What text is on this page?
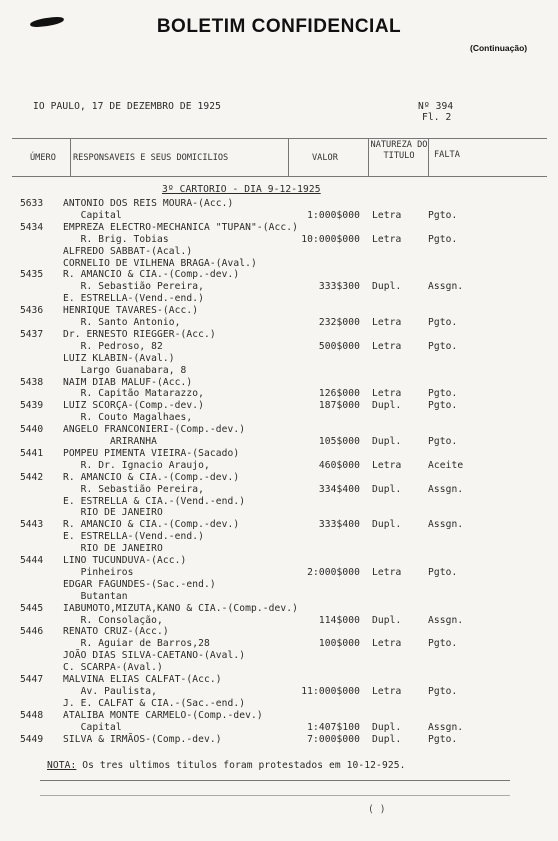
BOLETIM CONFIDENCIAL
(Continuação)
IO PAULO, 17 DE DEZEMBRO DE 1925	Nº 394
Fl. 2
ÚMERO RESPONSAVEIS E SEUS DOMICILIOS	VALOR
NATUREZA DO TITULO	FALTA
3º CARTORIO - DIA 9-12-1925
5633 ANTONIO DOS REIS MOURA-(Acc.)
Capital	1:000$000 Letra	Pgto.
5434 EMPREZA ELECTRO-MECHANICA "TUPAN"-(Acc.)
R. Brig. Tobias	10:000$000 Letra	Pgto.
ALFREDO SABBAT-(Acal.)
CORNELIO DE VILHENA BRAGA-(Aval.)
5435 R. AMANCIO & CIA.-(Comp.-dev.)
R. Sebastião Pereira,	333$300 Dupl.	Assgn.
E. ESTRELLA-(Vend.-end.)
5436 HENRIQUE TAVARES-(Acc.)
R. Santo Antonio,	232$000 Letra	Pgto.
5437 Dr. ERNESTO RIEGGER-(Acc.)
R. Pedroso, 82	500$000 Letra	Pgto.
LUIZ KLABIN-(Aval.)
Largo Guanabara, 8
5438 NAIM DIAB MALUF-(Acc.)
R. Capitão Matarazzo,	126$000 Letra	Pgto.
5439 LUIZ SCORÇA-(Comp.-dev.)	187$000 Dupl.	Pgto.
R. Couto Magalhaes,
5440 ANGELO FRANCONIERI-(Comp.-dev.)
ARIRANHA	105$000 Dupl.	Pgto.
5441 POMPEU PIMENTA VIEIRA-(Sacado)
R. Dr. Ignacio Araujo,	460$000 Letra	Aceite
5442 R. AMANCIO & CIA.-(Comp.-dev.)
R. Sebastião Pereira,	334$400 Dupl.	Assgn.
E. ESTRELLA & CIA.-(Vend.-end.)
RIO DE JANEIRO
5443 R. AMANCIO & CIA.-(Comp.-dev.)	333$400 Dupl.	Assgn.
E. ESTRELLA-(Vend.-end.)
RIO DE JANEIRO
5444 LINO TUCUNDUVA-(Acc.)
Pinheiros	2:000$000 Letra	Pgto.
EDGAR FAGUNDES-(Sac.-end.)
Butantan
5445 IABUMOTO,MIZUTA,KANO & CIA.-(Comp.-dev.)
R. Consolação,	114$000 Dupl.	Assgn.
5446 RENATO CRUZ-(Acc.)
R. Aguiar de Barros,28	100$000 Letra	Pgto.
JOÃO DIAS SILVA-CAETANO-(Aval.)
C. SCARPA-(Aval.)
5447 MALVINA ELIAS CALFAT-(Acc.)
Av. Paulista,	11:000$000 Letra	Pgto.
J. E. CALFAT & CIA.-(Sac.-end.)
5448 ATALIBA MONTE CARMELO-(Comp.-dev.)
Capital	1:407$100 Dupl.	Assgn.
5449 SILVA & IRMÃOS-(Comp.-dev.)	7:000$000 Dupl.	Pgto.
NOTA: Os tres ultimos titulos foram protestados em 10-12-925.
( )
